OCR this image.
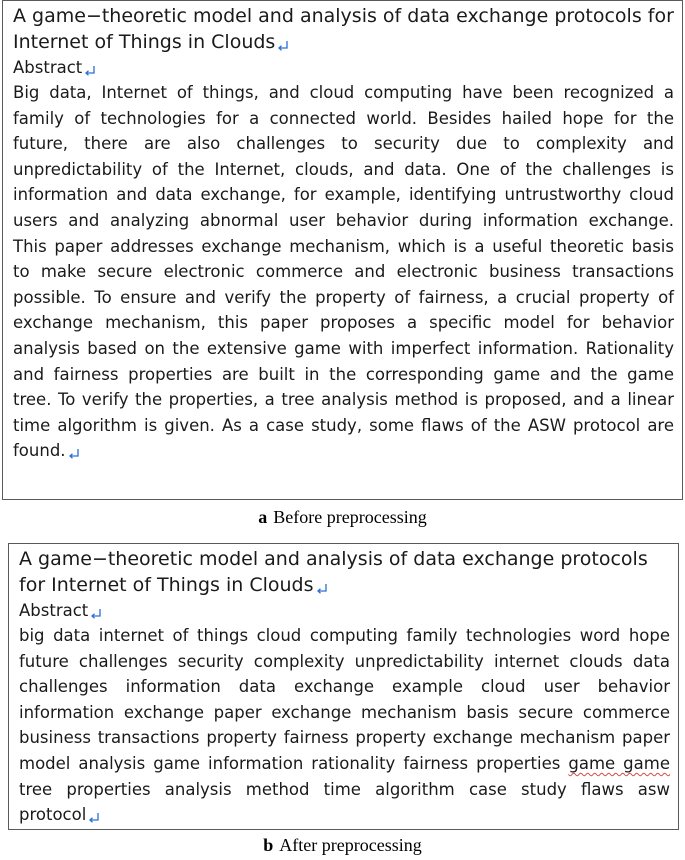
A game−theoretic model and analysis of data exchange protocols for Internet of Things in Clouds
Abstract
Big data, Internet of things, and cloud computing have been recognized a family of technologies for a connected world. Besides hailed hope for the future, there are also challenges to security due to complexity and unpredictability of the Internet, clouds, and data. One of the challenges is information and data exchange, for example, identifying untrustworthy cloud users and analyzing abnormal user behavior during information exchange. This paper addresses exchange mechanism, which is a useful theoretic basis to make secure electronic commerce and electronic business transactions possible. To ensure and verify the property of fairness, a crucial property of exchange mechanism, this paper proposes a specific model for behavior analysis based on the extensive game with imperfect information. Rationality and fairness properties are built in the corresponding game and the game tree. To verify the properties, a tree analysis method is proposed, and a linear time algorithm is given. As a case study, some flaws of the ASW protocol are found.
a Before preprocessing
A game−theoretic model and analysis of data exchange protocols for Internet of Things in Clouds
Abstract
big data internet of things cloud computing family technologies word hope future challenges security complexity unpredictability internet clouds data challenges information data exchange example cloud user behavior information exchange paper exchange mechanism basis secure commerce business transactions property fairness property exchange mechanism paper model analysis game information rationality fairness properties game game tree properties analysis method time algorithm case study flaws asw protocol
b After preprocessing
